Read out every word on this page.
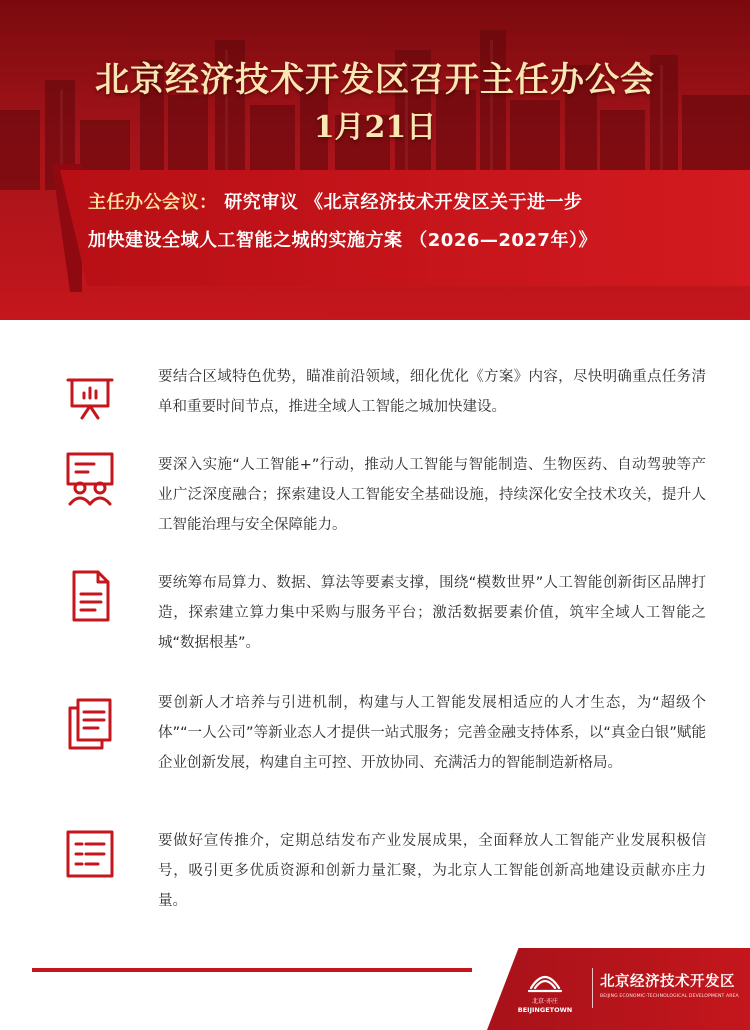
北京经济技术开发区召开主任办公会
1月21日
主任办公会议： 研究审议 《北京经济技术开发区关于进一步
加快建设全域人工智能之城的实施方案 （2026—2027年）》
要结合区域特色优势，瞄准前沿领域，细化优化《方案》内容，尽快明确重点任务清单和重要时间节点，推进全域人工智能之城加快建设。
要深入实施“人工智能+”行动，推动人工智能与智能制造、生物医药、自动驾驶等产业广泛深度融合；探索建设人工智能安全基础设施，持续深化安全技术攻关，提升人工智能治理与安全保障能力。
要统筹布局算力、数据、算法等要素支撑，围绕“模数世界”人工智能创新街区品牌打造，探索建立算力集中采购与服务平台；激活数据要素价值，筑牢全域人工智能之城“数据根基”。
要创新人才培养与引进机制，构建与人工智能发展相适应的人才生态，为“超级个体”“一人公司”等新业态人才提供一站式服务；完善金融支持体系，以“真金白银”赋能企业创新发展，构建自主可控、开放协同、充满活力的智能制造新格局。
要做好宣传推介，定期总结发布产业发展成果，全面释放人工智能产业发展积极信号，吸引更多优质资源和创新力量汇聚，为北京人工智能创新高地建设贡献亦庄力量。
北京·亦庄
BEIJINGETOWN
北京经济技术开发区
BEIJING ECONOMIC-TECHNOLOGICAL DEVELOPMENT AREA
